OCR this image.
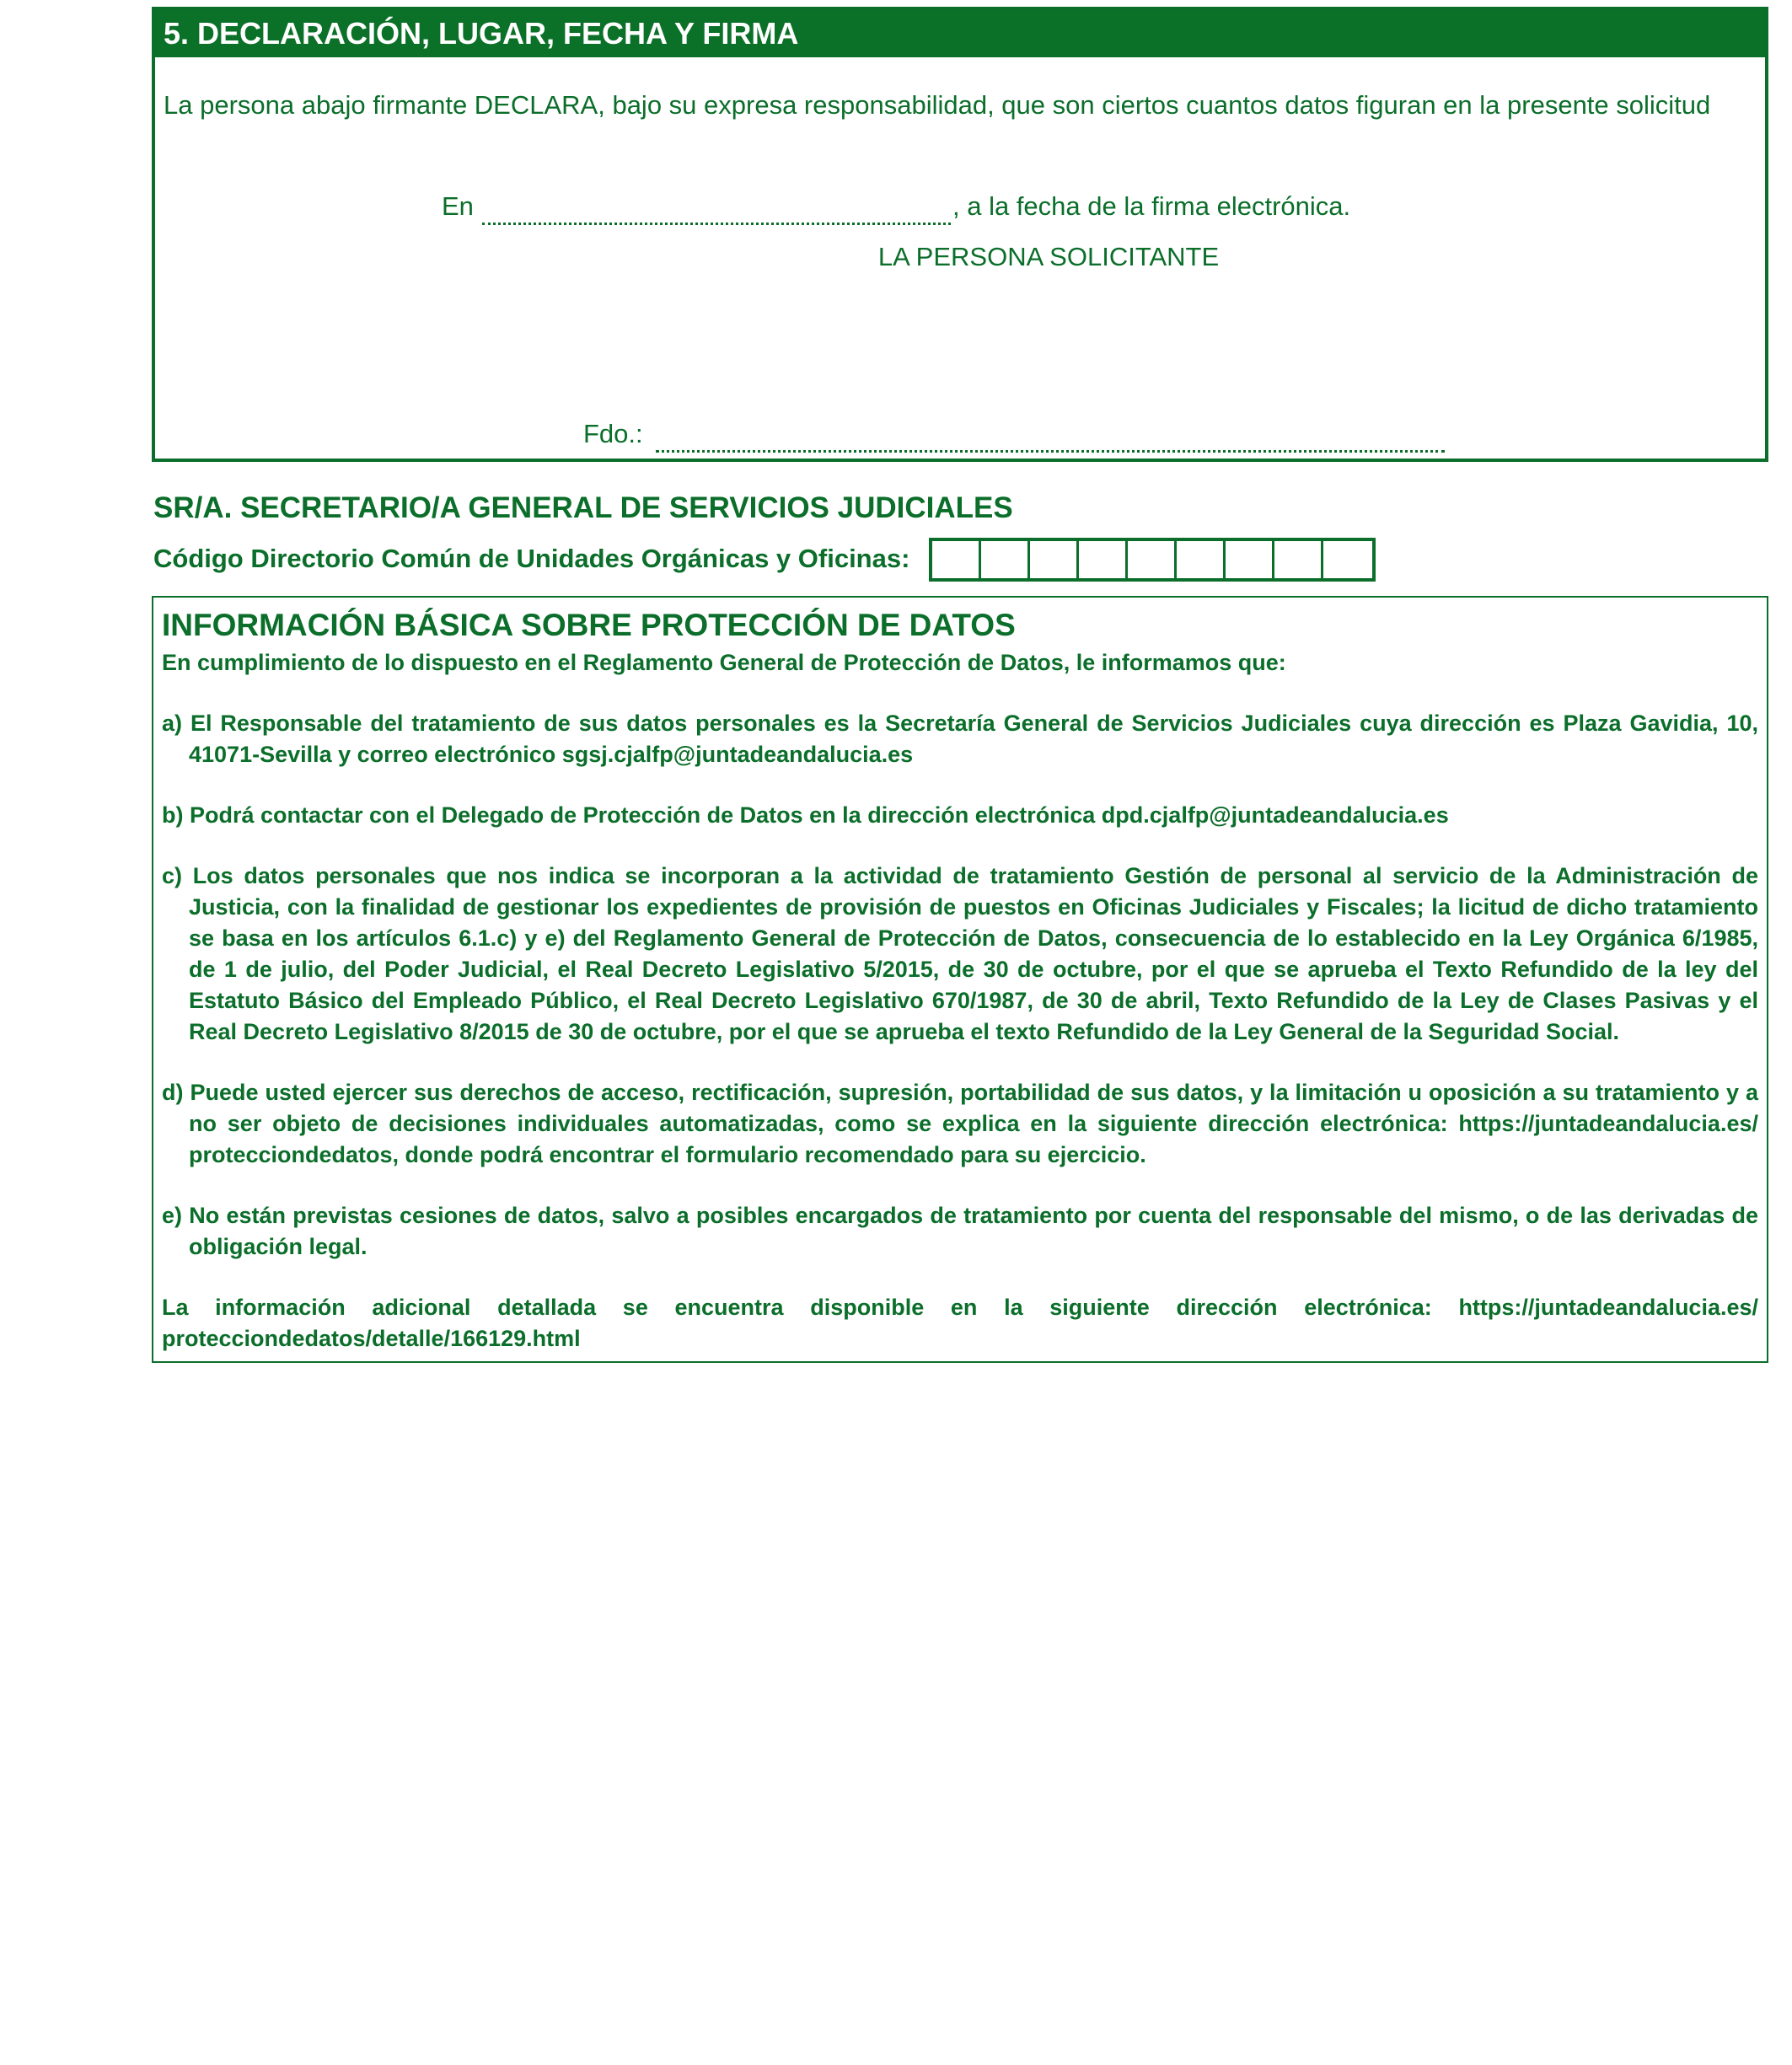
5. DECLARACIÓN, LUGAR, FECHA Y FIRMA
La persona abajo firmante DECLARA, bajo su expresa responsabilidad, que son ciertos cuantos datos figuran en la presente solicitud
En	, a la fecha de la firma electrónica.
LA PERSONA SOLICITANTE
Fdo.:
SR/A. SECRETARIO/A GENERAL DE SERVICIOS JUDICIALES
Código Directorio Común de Unidades Orgánicas y Oficinas:
INFORMACIÓN BÁSICA SOBRE PROTECCIÓN DE DATOS
En cumplimiento de lo dispuesto en el Reglamento General de Protección de Datos, le informamos que:
a) El Responsable del tratamiento de sus datos personales es la Secretaría General de Servicios Judiciales cuya dirección es Plaza Gavidia, 10, 41071-Sevilla y correo electrónico sgsj.cjalfp@juntadeandalucia.es
b) Podrá contactar con el Delegado de Protección de Datos en la dirección electrónica dpd.cjalfp@juntadeandalucia.es
c) Los datos personales que nos indica se incorporan a la actividad de tratamiento Gestión de personal al servicio de la Administración de Justicia, con la finalidad de gestionar los expedientes de provisión de puestos en Oficinas Judiciales y Fiscales; la licitud de dicho tratamiento se basa en los artículos 6.1.c) y e) del Reglamento General de Protección de Datos, consecuencia de lo establecido en la Ley Orgánica 6/1985, de 1 de julio, del Poder Judicial, el Real Decreto Legislativo 5/2015, de 30 de octubre, por el que se aprueba el Texto Refundido de la ley del Estatuto Básico del Empleado Público, el Real Decreto Legislativo 670/1987, de 30 de abril, Texto Refundido de la Ley de Clases Pasivas y el Real Decreto Legislativo 8/2015 de 30 de octubre, por el que se aprueba el texto Refundido de la Ley General de la Seguridad Social.
d) Puede usted ejercer sus derechos de acceso, rectificación, supresión, portabilidad de sus datos, y la limitación u oposición a su tratamiento y a no ser objeto de decisiones individuales automatizadas, como se explica en la siguiente dirección electrónica: https://juntadeandalucia.es/ protecciondedatos, donde podrá encontrar el formulario recomendado para su ejercicio.
e) No están previstas cesiones de datos, salvo a posibles encargados de tratamiento por cuenta del responsable del mismo, o de las derivadas de obligación legal.
La información adicional detallada se encuentra disponible en la siguiente dirección electrónica: https://juntadeandalucia.es/ protecciondedatos/detalle/166129.html
